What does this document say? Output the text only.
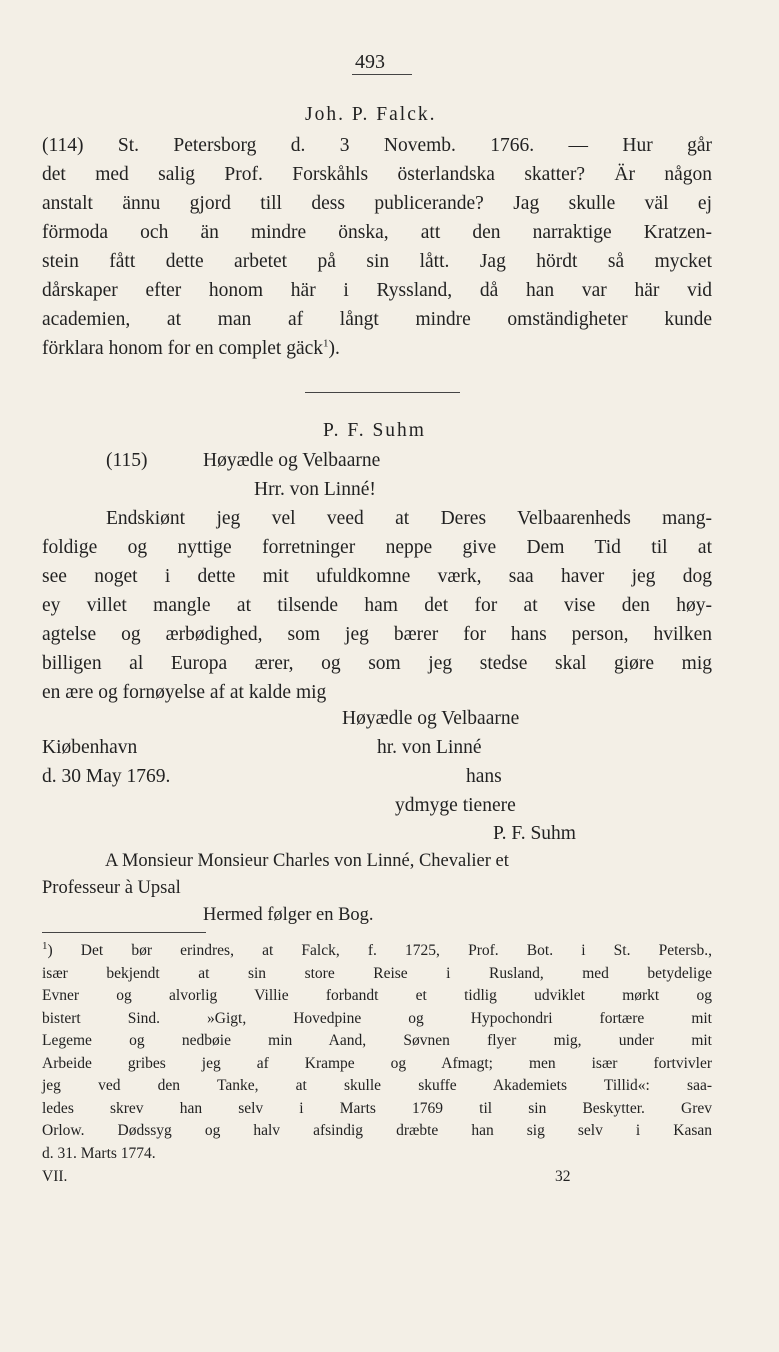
493
Joh. P. Falck.
(114) St. Petersborg d. 3 Novemb. 1766. — Hur går
det med salig Prof. Forskåhls österlandska skatter? Är någon
anstalt ännu gjord till dess publicerande? Jag skulle väl ej
förmoda och än mindre önska, att den narraktige Kratzen-
stein fått dette arbetet på sin lått. Jag hördt så mycket
dårskaper efter honom här i Ryssland, då han var här vid
academien, at man af långt mindre omständigheter kunde
förklara honom for en complet gäck$^1$).
P. F. Suhm
(115)	Høyædle og Velbaarne
Hrr. von Linné!
Endskiønt jeg vel veed at Deres Velbaarenheds mang-
foldige og nyttige forretninger neppe give Dem Tid til at
see noget i dette mit ufuldkomne værk, saa haver jeg dog
ey villet mangle at tilsende ham det for at vise den høy-
agtelse og ærbødighed, som jeg bærer for hans person, hvilken
billigen al Europa ærer, og som jeg stedse skal giøre mig
en ære og fornøyelse af at kalde mig
Høyædle og Velbaarne
Kiøbenhavn	hr. von Linné
d. 30 May 1769.	hans
ydmyge tienere
P. F. Suhm
A Monsieur Monsieur Charles von Linné, Chevalier et
Professeur à Upsal
Hermed følger en Bog.
$^1$) Det bør erindres, at Falck, f. 1725, Prof. Bot. i St. Petersb.,
især bekjendt at sin store Reise i Rusland, med betydelige
Evner og alvorlig Villie forbandt et tidlig udviklet mørkt og
bistert Sind. »Gigt, Hovedpine og Hypochondri fortære mit
Legeme og nedbøie min Aand, Søvnen flyer mig, under mit
Arbeide gribes jeg af Krampe og Afmagt; men især fortvivler
jeg ved den Tanke, at skulle skuffe Akademiets Tillid«: saa-
ledes skrev han selv i Marts 1769 til sin Beskytter. Grev
Orlow. Dødssyg og halv afsindig dræbte han sig selv i Kasan
d. 31. Marts 1774.
VII.	32
